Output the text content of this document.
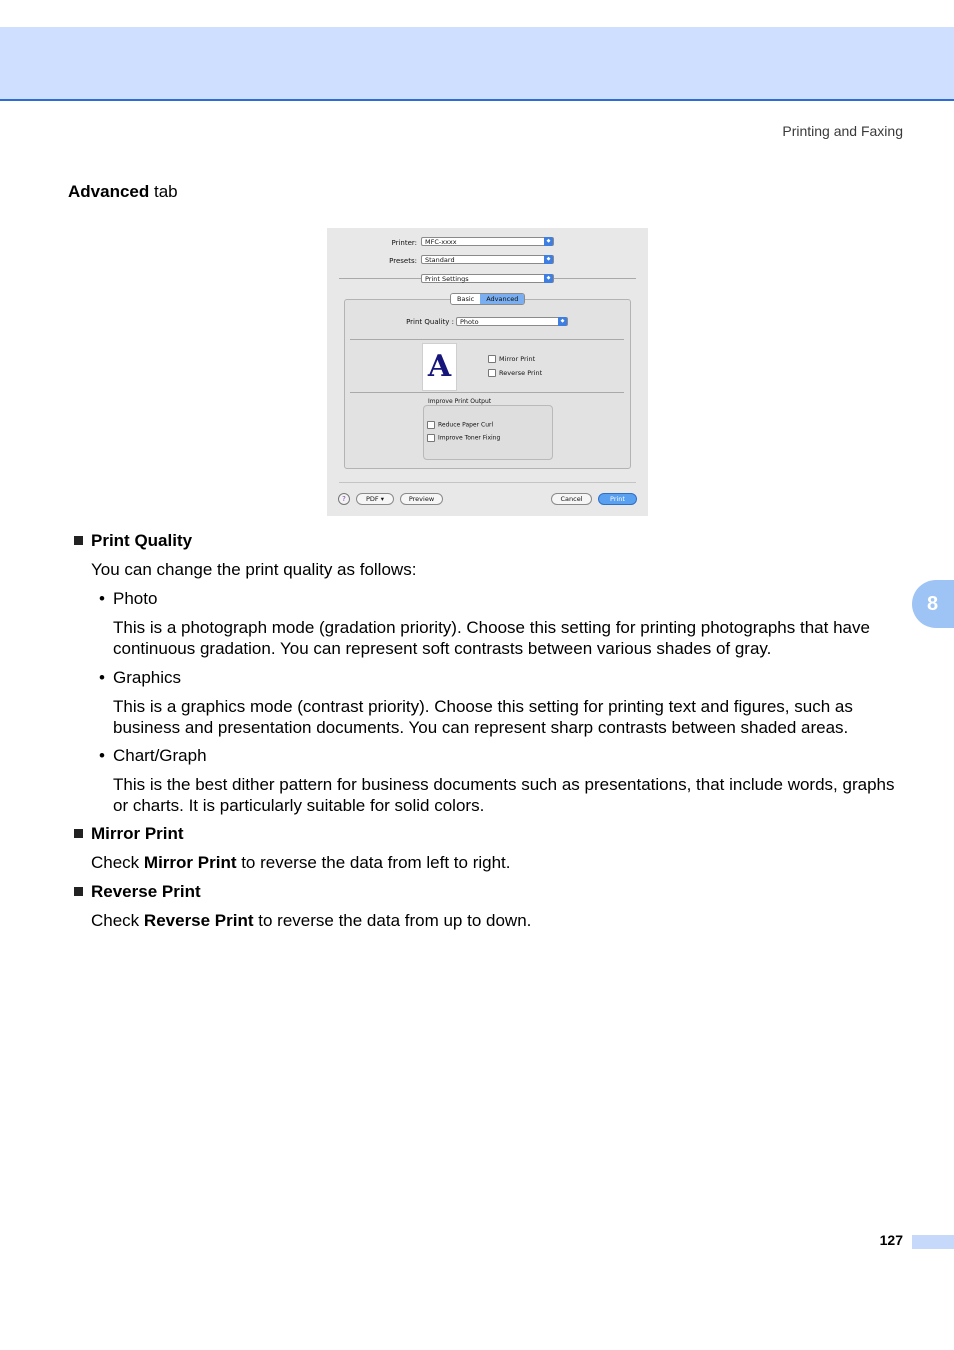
Printing and Faxing
Advanced tab
Printer:	MFC-xxxx	◆
Presets:	Standard	◆
Print Settings	◆
Basic	Advanced
Print Quality : Photo	◆
A	Mirror Print
Reverse Print
Improve Print Output
Reduce Paper Curl
Improve Toner Fixing
?	PDF ▾	Preview	Cancel	Print
Print Quality
You can change the print quality as follows:
• Photo
This is a photograph mode (gradation priority). Choose this setting for printing photographs that have continuous gradation. You can represent soft contrasts between various shades of gray.
• Graphics
This is a graphics mode (contrast priority). Choose this setting for printing text and figures, such as business and presentation documents. You can represent sharp contrasts between shaded areas.
• Chart/Graph
This is the best dither pattern for business documents such as presentations, that include words, graphs or charts. It is particularly suitable for solid colors.
Mirror Print
Check Mirror Print to reverse the data from left to right.
Reverse Print
Check Reverse Print to reverse the data from up to down.
8
127
